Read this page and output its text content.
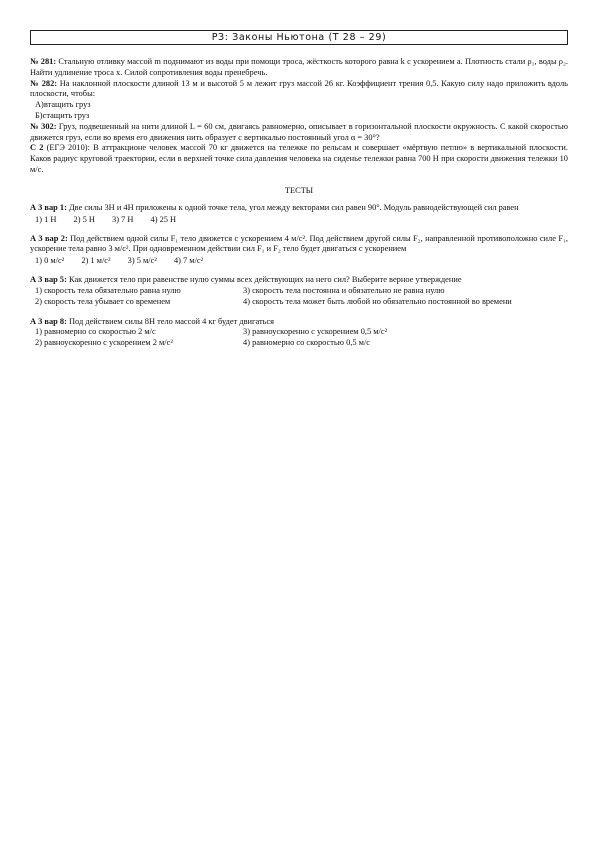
РЗ: Законы Ньютона (Т 28 – 29)

№ 281: Стальную отливку массой m поднимают из воды при помощи троса, жёсткость которого равна k с ускорением a. Плотность стали ρ₁, воды ρ₂. Найти удлинение троса x. Силой сопротивления воды пренебречь.

№ 282: На наклонной плоскости длиной 13 м и высотой 5 м лежит груз массой 26 кг. Коэффициент трения 0,5. Какую силу надо приложить вдоль плоскости, чтобы:

А)втащить груз

Б)стащить груз

№ 302: Груз, подвешенный на нити длиной L = 60 см, двигаясь равномерно, описывает в горизонтальной плоскости окружность. С какой скоростью движется груз, если во время его движения нить образует с вертикалью постоянный угол α = 30°?

С 2 (ЕГЭ 2010): В аттракционе человек массой 70 кг движется на тележке по рельсам и совершает «мёртвую петлю» в вертикальной плоскости. Каков радиус круговой траектории, если в верхней точке сила давления человека на сиденье тележки равна 700 Н при скорости движения тележки 10 м/с.

ТЕСТЫ

А 3 вар 1: Две силы 3Н и 4Н приложены к одной точке тела, угол между векторами сил равен 90°. Модуль равнодействующей сил равен

1) 1 Н 2) 5 Н 3) 7 Н 4) 25 Н

А 3 вар 2: Под действием одной силы F₁ тело движется с ускорением 4 м/с². Под действием другой силы F₂, направленной противоположно силе F₁, ускорение тела равно 3 м/с². При одновременном действии сил F₁ и F₂ тело будет двигаться с ускорением

1) 0 м/с² 2) 1 м/с² 3) 5 м/с² 4) 7 м/с²

А 3 вар 5: Как движется тело при равенстве нулю суммы всех действующих на него сил? Выберите верное утверждение

1) скорость тела обязательно равна нулю	3) скорость тела постоянна и обязательно не равна нулю
2) скорость тела убывает со временем	4) скорость тела может быть любой но обязательно постоянной во времени

А 3 вар 8: Под действием силы 8Н тело массой 4 кг будет двигаться

1) равномерно со скоростью 2 м/с	3) равноускоренно с ускорением 0,5 м/с²
2) равноускоренно с ускорением 2 м/с²	4) равномерно со скоростью 0,5 м/с
